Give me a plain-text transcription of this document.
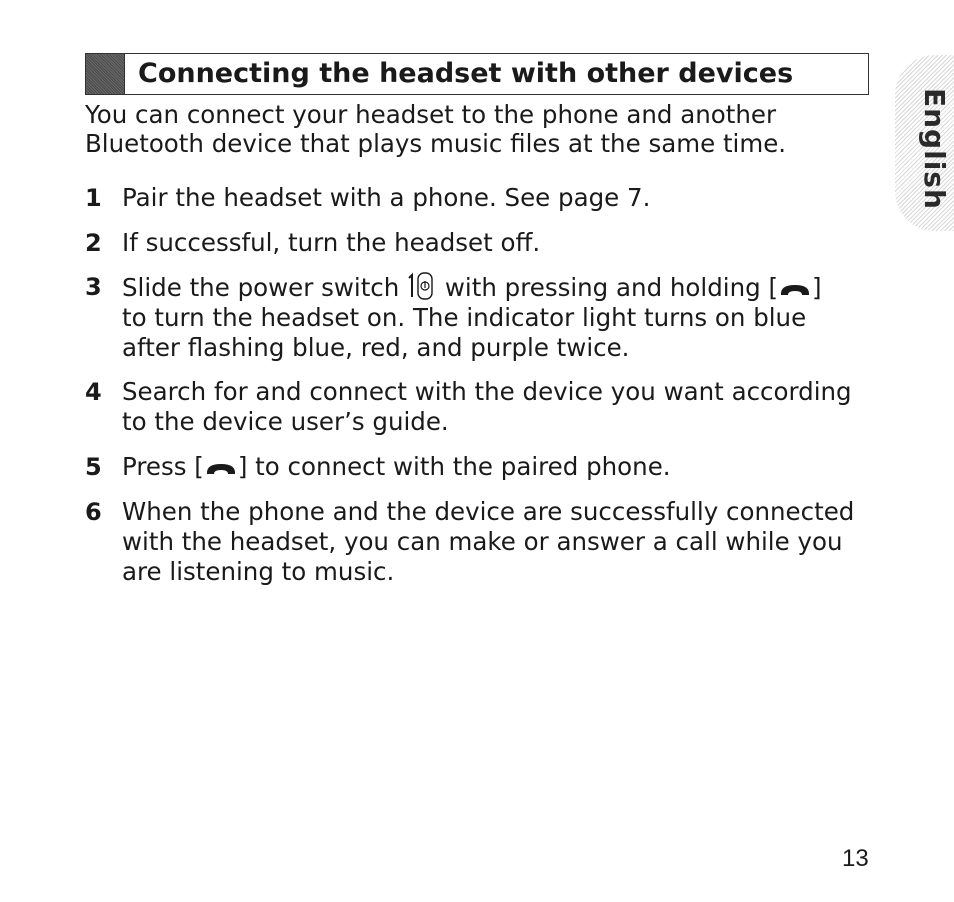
Connecting the headset with other devices
You can connect your headset to the phone and another
Bluetooth device that plays music files at the same time.
1 Pair the headset with a phone. See page 7.
2 If successful, turn the headset off.
3 Slide the power switch  with pressing and holding [ ]
to turn the headset on. The indicator light turns on blue
after flashing blue, red, and purple twice.
4 Search for and connect with the device you want according
to the device user’s guide.
5 Press [ ] to connect with the paired phone.
6 When the phone and the device are successfully connected
with the headset, you can make or answer a call while you
are listening to music.
English
13
